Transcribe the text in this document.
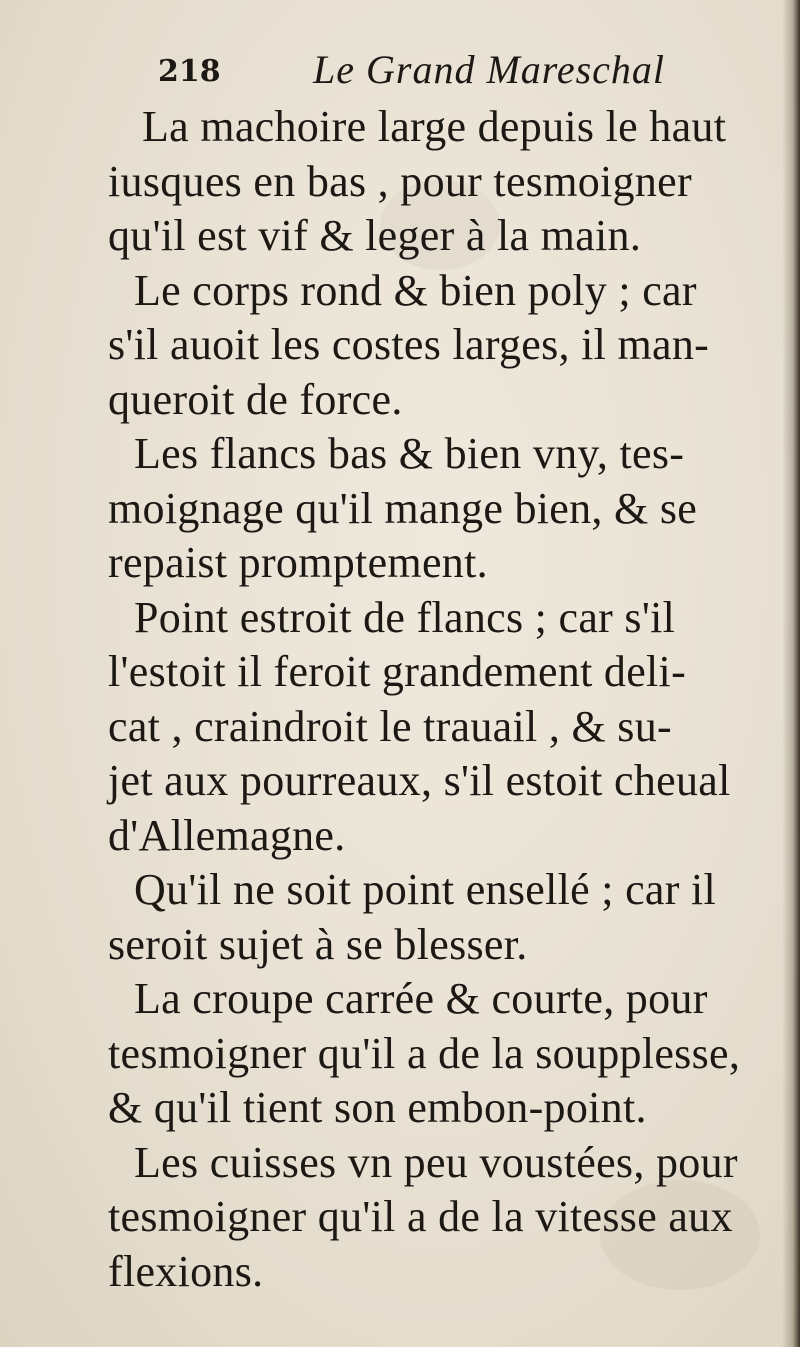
218 Le Grand Mareschal
La machoire large depuis le haut
iusques en bas , pour tesmoigner
qu'il est vif & leger à la main.
Le corps rond & bien poly ; car
s'il auoit les costes larges, il man-
queroit de force.
Les flancs bas & bien vny, tes-
moignage qu'il mange bien, & se
repaist promptement.
Point estroit de flancs ; car s'il
l'estoit il feroit grandement deli-
cat , craindroit le trauail , & su-
jet aux pourreaux, s'il estoit cheual
d'Allemagne.
Qu'il ne soit point ensellé ; car il
seroit sujet à se blesser.
La croupe carrée & courte, pour
tesmoigner qu'il a de la soupplesse,
& qu'il tient son embon-point.
Les cuisses vn peu voustées, pour
tesmoigner qu'il a de la vitesse aux
flexions.
